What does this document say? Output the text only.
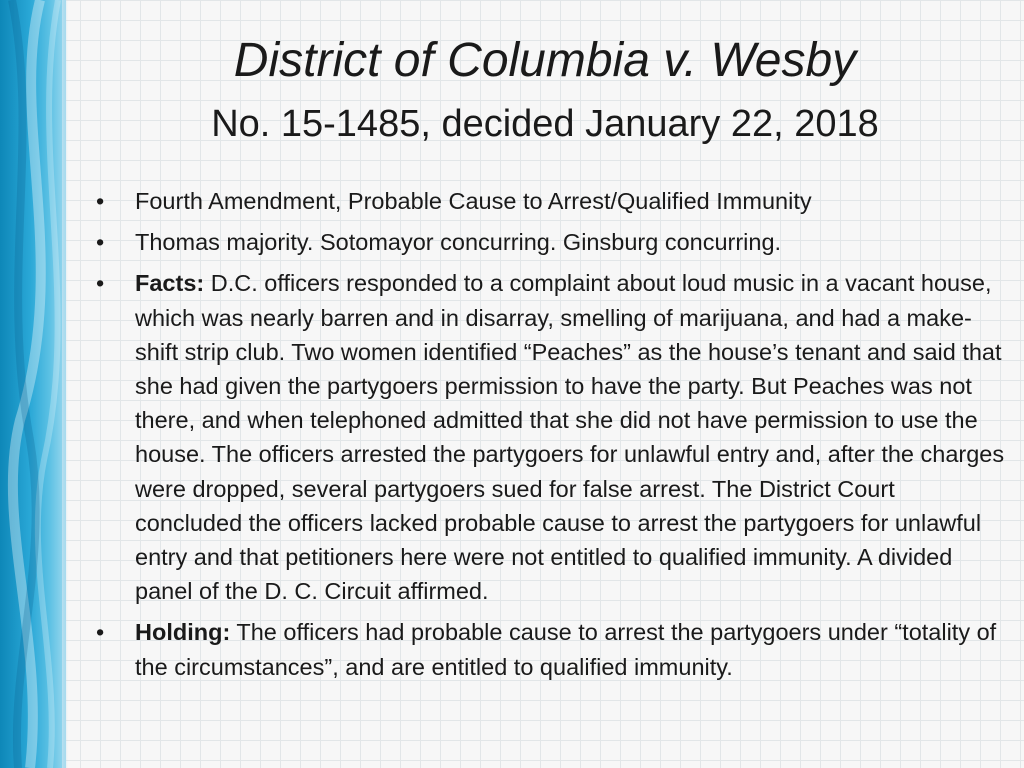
District of Columbia v. Wesby
No. 15-1485, decided January 22, 2018
•	Fourth Amendment, Probable Cause to Arrest/Qualified Immunity
•	Thomas majority. Sotomayor concurring. Ginsburg concurring.
•	Facts: D.C. officers responded to a complaint about loud music in a vacant house, which was nearly barren and in disarray, smelling of marijuana, and had a make-shift strip club. Two women identified “Peaches” as the house’s tenant and said that she had given the partygoers permission to have the party. But Peaches was not there, and when telephoned admitted that she did not have permission to use the house. The officers arrested the partygoers for unlawful entry and, after the charges were dropped, several partygoers sued for false arrest. The District Court concluded the officers lacked probable cause to arrest the partygoers for unlawful entry and that petitioners here were not entitled to qualified immunity. A divided panel of the D. C. Circuit affirmed.
•	Holding: The officers had probable cause to arrest the partygoers under “totality of the circumstances”, and are entitled to qualified immunity.
